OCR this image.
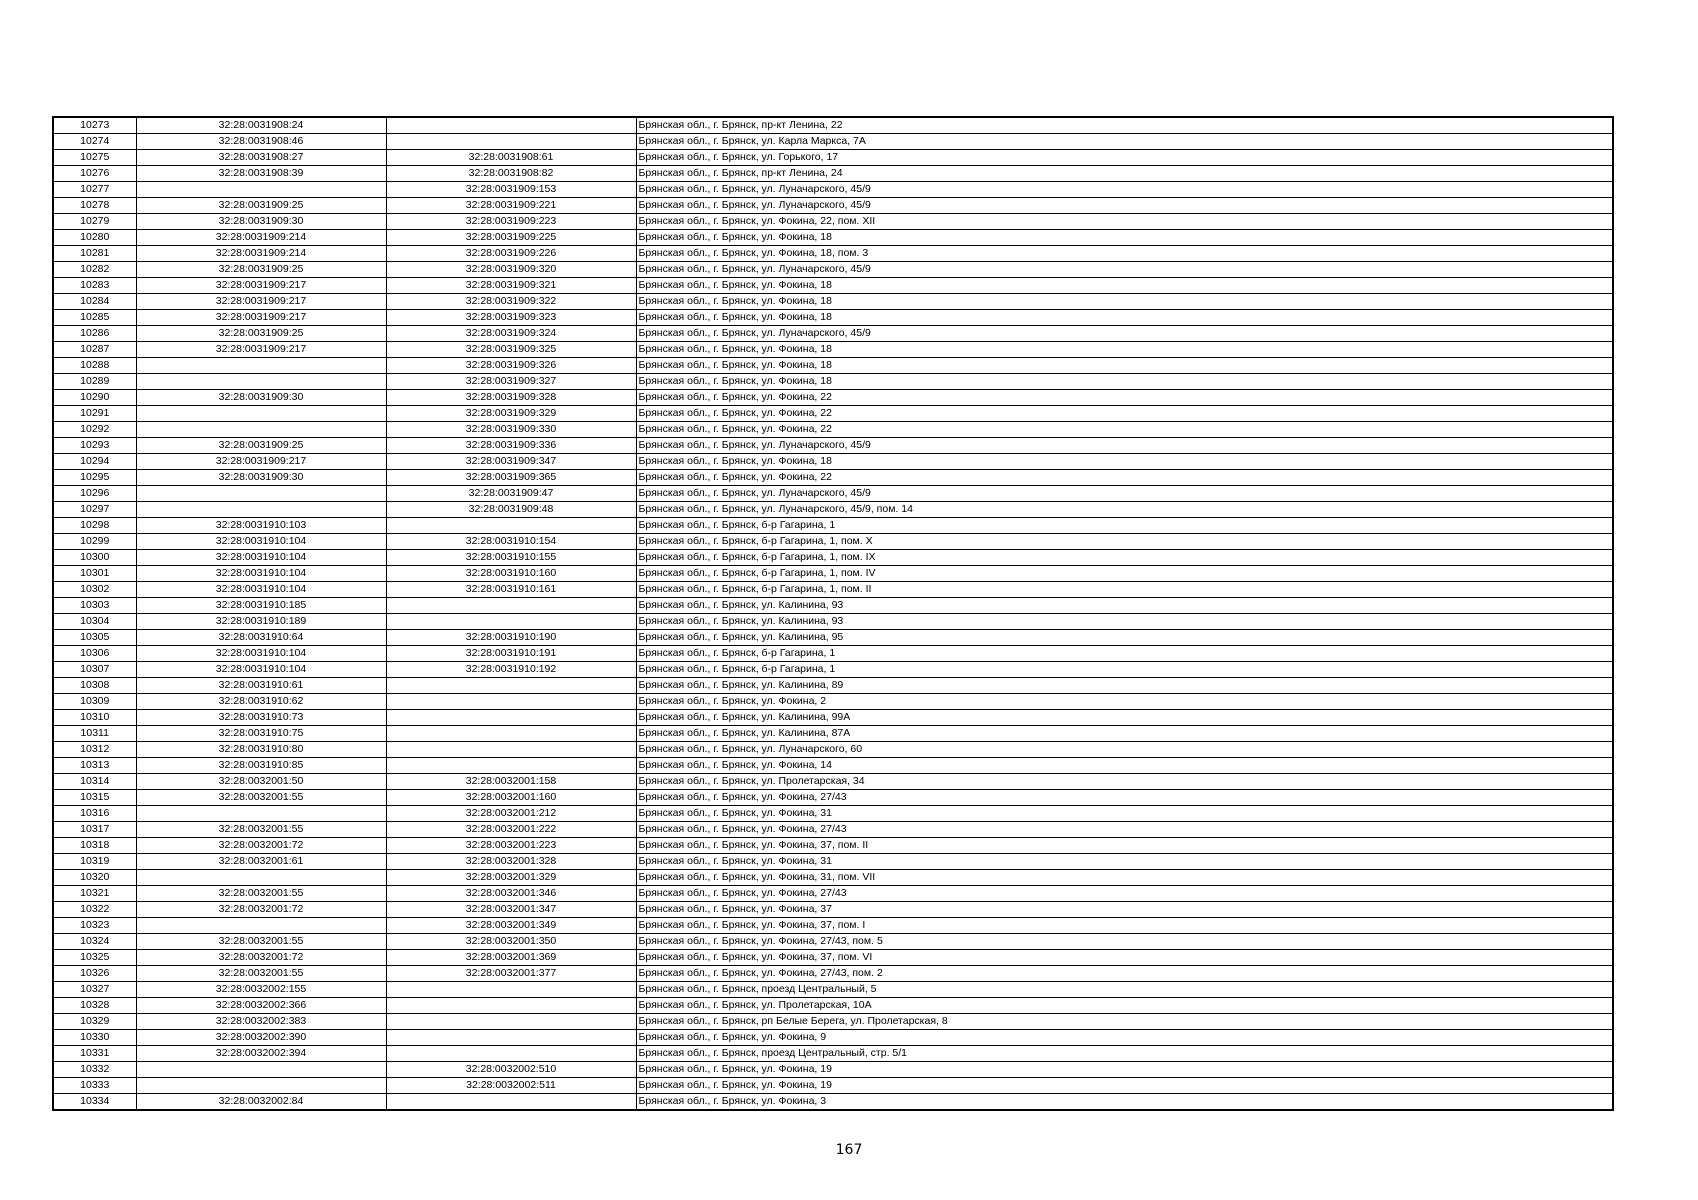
10273	32:28:0031908:24		Брянская обл., г. Брянск, пр-кт Ленина, 22
10274	32:28:0031908:46		Брянская обл., г. Брянск, ул. Карла Маркса, 7А
10275	32:28:0031908:27	32:28:0031908:61	Брянская обл., г. Брянск, ул. Горького, 17
10276	32:28:0031908:39	32:28:0031908:82	Брянская обл., г. Брянск, пр-кт Ленина, 24
10277		32:28:0031909:153	Брянская обл., г. Брянск, ул. Луначарского, 45/9
10278	32:28:0031909:25	32:28:0031909:221	Брянская обл., г. Брянск, ул. Луначарского, 45/9
10279	32:28:0031909:30	32:28:0031909:223	Брянская обл., г. Брянск, ул. Фокина, 22, пом. XII
10280	32:28:0031909:214	32:28:0031909:225	Брянская обл., г. Брянск, ул. Фокина, 18
10281	32:28:0031909:214	32:28:0031909:226	Брянская обл., г. Брянск, ул. Фокина, 18, пом. 3
10282	32:28:0031909:25	32:28:0031909:320	Брянская обл., г. Брянск, ул. Луначарского, 45/9
10283	32:28:0031909:217	32:28:0031909:321	Брянская обл., г. Брянск, ул. Фокина, 18
10284	32:28:0031909:217	32:28:0031909:322	Брянская обл., г. Брянск, ул. Фокина, 18
10285	32:28:0031909:217	32:28:0031909:323	Брянская обл., г. Брянск, ул. Фокина, 18
10286	32:28:0031909:25	32:28:0031909:324	Брянская обл., г. Брянск, ул. Луначарского, 45/9
10287	32:28:0031909:217	32:28:0031909:325	Брянская обл., г. Брянск, ул. Фокина, 18
10288		32:28:0031909:326	Брянская обл., г. Брянск, ул. Фокина, 18
10289		32:28:0031909:327	Брянская обл., г. Брянск, ул. Фокина, 18
10290	32:28:0031909:30	32:28:0031909:328	Брянская обл., г. Брянск, ул. Фокина, 22
10291		32:28:0031909:329	Брянская обл., г. Брянск, ул. Фокина, 22
10292		32:28:0031909:330	Брянская обл., г. Брянск, ул. Фокина, 22
10293	32:28:0031909:25	32:28:0031909:336	Брянская обл., г. Брянск, ул. Луначарского, 45/9
10294	32:28:0031909:217	32:28:0031909:347	Брянская обл., г. Брянск, ул. Фокина, 18
10295	32:28:0031909:30	32:28:0031909:365	Брянская обл., г. Брянск, ул. Фокина, 22
10296		32:28:0031909:47	Брянская обл., г. Брянск, ул. Луначарского, 45/9
10297		32:28:0031909:48	Брянская обл., г. Брянск, ул. Луначарского, 45/9, пом. 14
10298	32:28:0031910:103		Брянская обл., г. Брянск, б-р Гагарина, 1
10299	32:28:0031910:104	32:28:0031910:154	Брянская обл., г. Брянск, б-р Гагарина, 1, пом. X
10300	32:28:0031910:104	32:28:0031910:155	Брянская обл., г. Брянск, б-р Гагарина, 1, пом. IX
10301	32:28:0031910:104	32:28:0031910:160	Брянская обл., г. Брянск, б-р Гагарина, 1, пом. IV
10302	32:28:0031910:104	32:28:0031910:161	Брянская обл., г. Брянск, б-р Гагарина, 1, пом. II
10303	32:28:0031910:185		Брянская обл., г. Брянск, ул. Калинина, 93
10304	32:28:0031910:189		Брянская обл., г. Брянск, ул. Калинина, 93
10305	32:28:0031910:64	32:28:0031910:190	Брянская обл., г. Брянск, ул. Калинина, 95
10306	32:28:0031910:104	32:28:0031910:191	Брянская обл., г. Брянск, б-р Гагарина, 1
10307	32:28:0031910:104	32:28:0031910:192	Брянская обл., г. Брянск, б-р Гагарина, 1
10308	32:28:0031910:61		Брянская обл., г. Брянск, ул. Калинина, 89
10309	32:28:0031910:62		Брянская обл., г. Брянск, ул. Фокина, 2
10310	32:28:0031910:73		Брянская обл., г. Брянск, ул. Калинина, 99А
10311	32:28:0031910:75		Брянская обл., г. Брянск, ул. Калинина, 87А
10312	32:28:0031910:80		Брянская обл., г. Брянск, ул. Луначарского, 60
10313	32:28:0031910:85		Брянская обл., г. Брянск, ул. Фокина, 14
10314	32:28:0032001:50	32:28:0032001:158	Брянская обл., г. Брянск, ул. Пролетарская, 34
10315	32:28:0032001:55	32:28:0032001:160	Брянская обл., г. Брянск, ул. Фокина, 27/43
10316		32:28:0032001:212	Брянская обл., г. Брянск, ул. Фокина, 31
10317	32:28:0032001:55	32:28:0032001:222	Брянская обл., г. Брянск, ул. Фокина, 27/43
10318	32:28:0032001:72	32:28:0032001:223	Брянская обл., г. Брянск, ул. Фокина, 37, пом. II
10319	32:28:0032001:61	32:28:0032001:328	Брянская обл., г. Брянск, ул. Фокина, 31
10320		32:28:0032001:329	Брянская обл., г. Брянск, ул. Фокина, 31, пом. VII
10321	32:28:0032001:55	32:28:0032001:346	Брянская обл., г. Брянск, ул. Фокина, 27/43
10322	32:28:0032001:72	32:28:0032001:347	Брянская обл., г. Брянск, ул. Фокина, 37
10323		32:28:0032001:349	Брянская обл., г. Брянск, ул. Фокина, 37, пом. I
10324	32:28:0032001:55	32:28:0032001:350	Брянская обл., г. Брянск, ул. Фокина, 27/43, пом. 5
10325	32:28:0032001:72	32:28:0032001:369	Брянская обл., г. Брянск, ул. Фокина, 37, пом. VI
10326	32:28:0032001:55	32:28:0032001:377	Брянская обл., г. Брянск, ул. Фокина, 27/43, пом. 2
10327	32:28:0032002:155		Брянская обл., г. Брянск, проезд Центральный, 5
10328	32:28:0032002:366		Брянская обл., г. Брянск, ул. Пролетарская, 10А
10329	32:28:0032002:383		Брянская обл., г. Брянск, рп Белые Берега, ул. Пролетарская, 8
10330	32:28:0032002:390		Брянская обл., г. Брянск, ул. Фокина, 9
10331	32:28:0032002:394		Брянская обл., г. Брянск, проезд Центральный, стр. 5/1
10332		32:28:0032002:510	Брянская обл., г. Брянск, ул. Фокина, 19
10333		32:28:0032002:511	Брянская обл., г. Брянск, ул. Фокина, 19
10334	32:28:0032002:84		Брянская обл., г. Брянск, ул. Фокина, 3
167
